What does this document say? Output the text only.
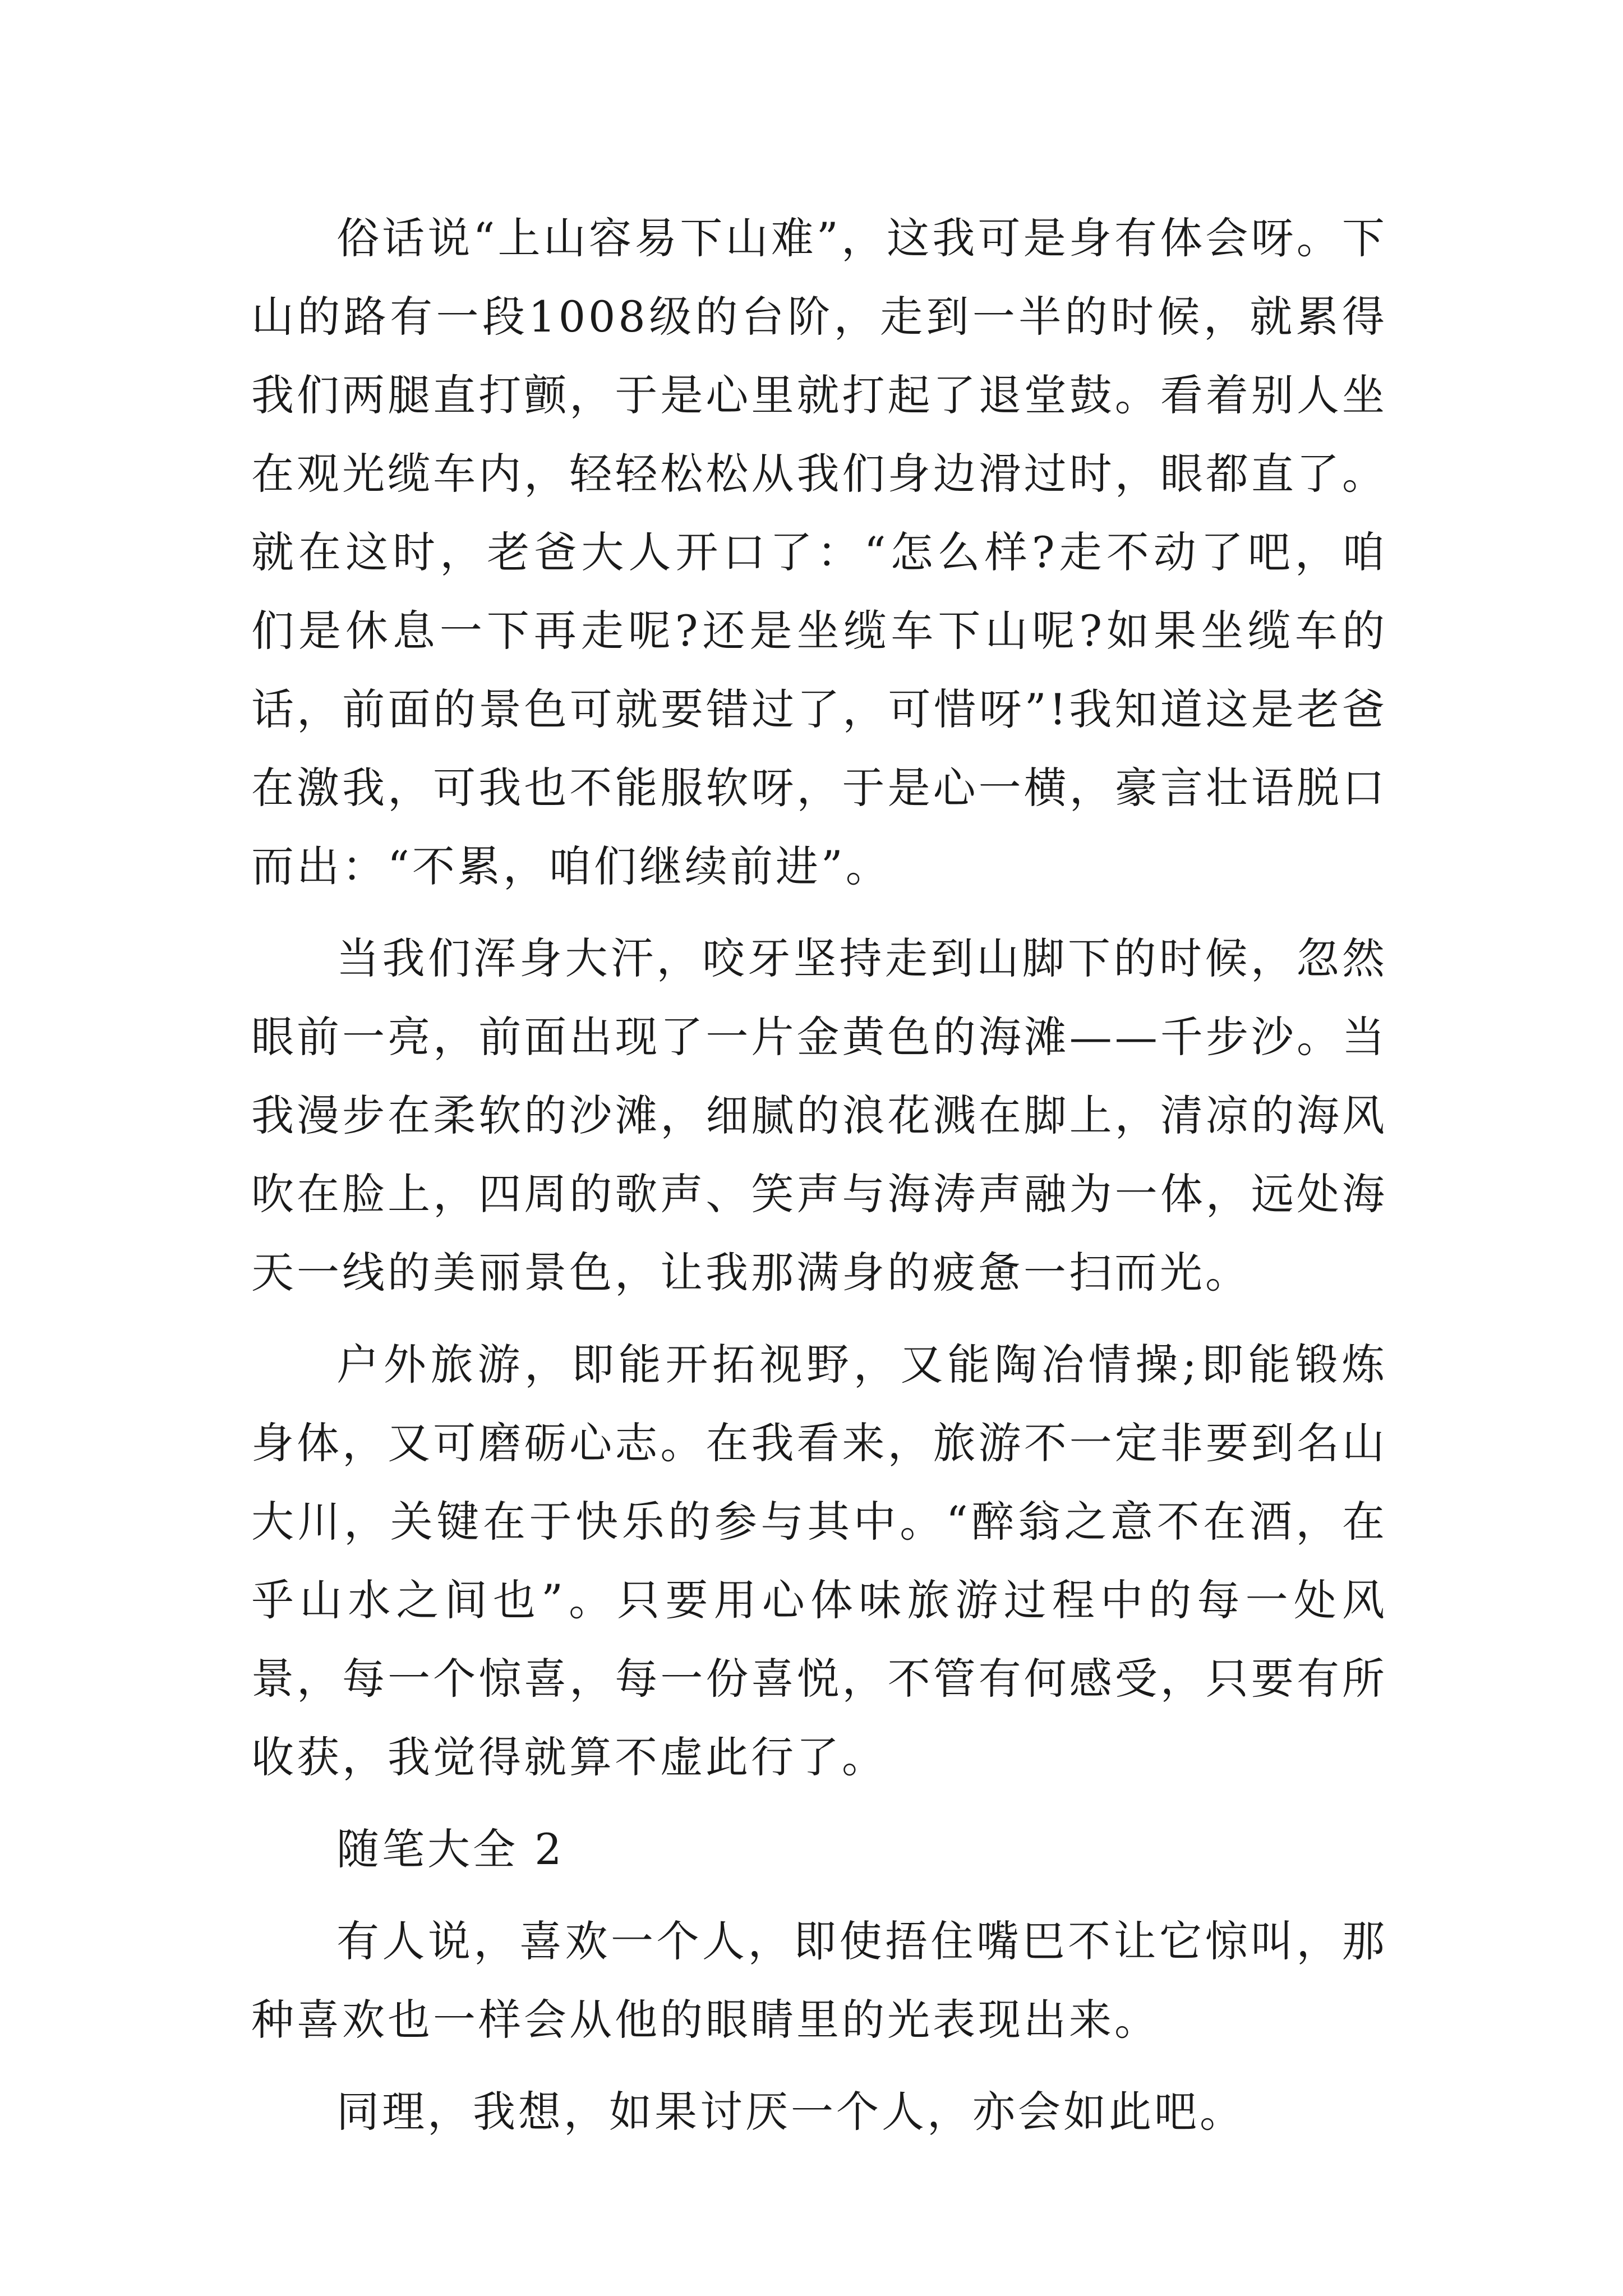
俗话说“上山容易下山难”，这我可是身有体会呀。下山的路有一段1008级的台阶，走到一半的时候，就累得我们两腿直打颤，于是心里就打起了退堂鼓。看着别人坐在观光缆车内，轻轻松松从我们身边滑过时，眼都直了。就在这时，老爸大人开口了：“怎么样?走不动了吧，咱们是休息一下再走呢?还是坐缆车下山呢?如果坐缆车的话，前面的景色可就要错过了，可惜呀”!我知道这是老爸在激我，可我也不能服软呀，于是心一横，豪言壮语脱口而出：“不累，咱们继续前进”。

当我们浑身大汗，咬牙坚持走到山脚下的时候，忽然眼前一亮，前面出现了一片金黄色的海滩——千步沙。当我漫步在柔软的沙滩，细腻的浪花溅在脚上，清凉的海风吹在脸上，四周的歌声、笑声与海涛声融为一体，远处海天一线的美丽景色，让我那满身的疲惫一扫而光。

户外旅游，即能开拓视野，又能陶冶情操;即能锻炼身体，又可磨砺心志。在我看来，旅游不一定非要到名山大川，关键在于快乐的参与其中。“醉翁之意不在酒，在乎山水之间也”。只要用心体味旅游过程中的每一处风景，每一个惊喜，每一份喜悦，不管有何感受，只要有所收获，我觉得就算不虚此行了。

随笔大全 2

有人说，喜欢一个人，即使捂住嘴巴不让它惊叫，那种喜欢也一样会从他的眼睛里的光表现出来。

同理，我想，如果讨厌一个人，亦会如此吧。
